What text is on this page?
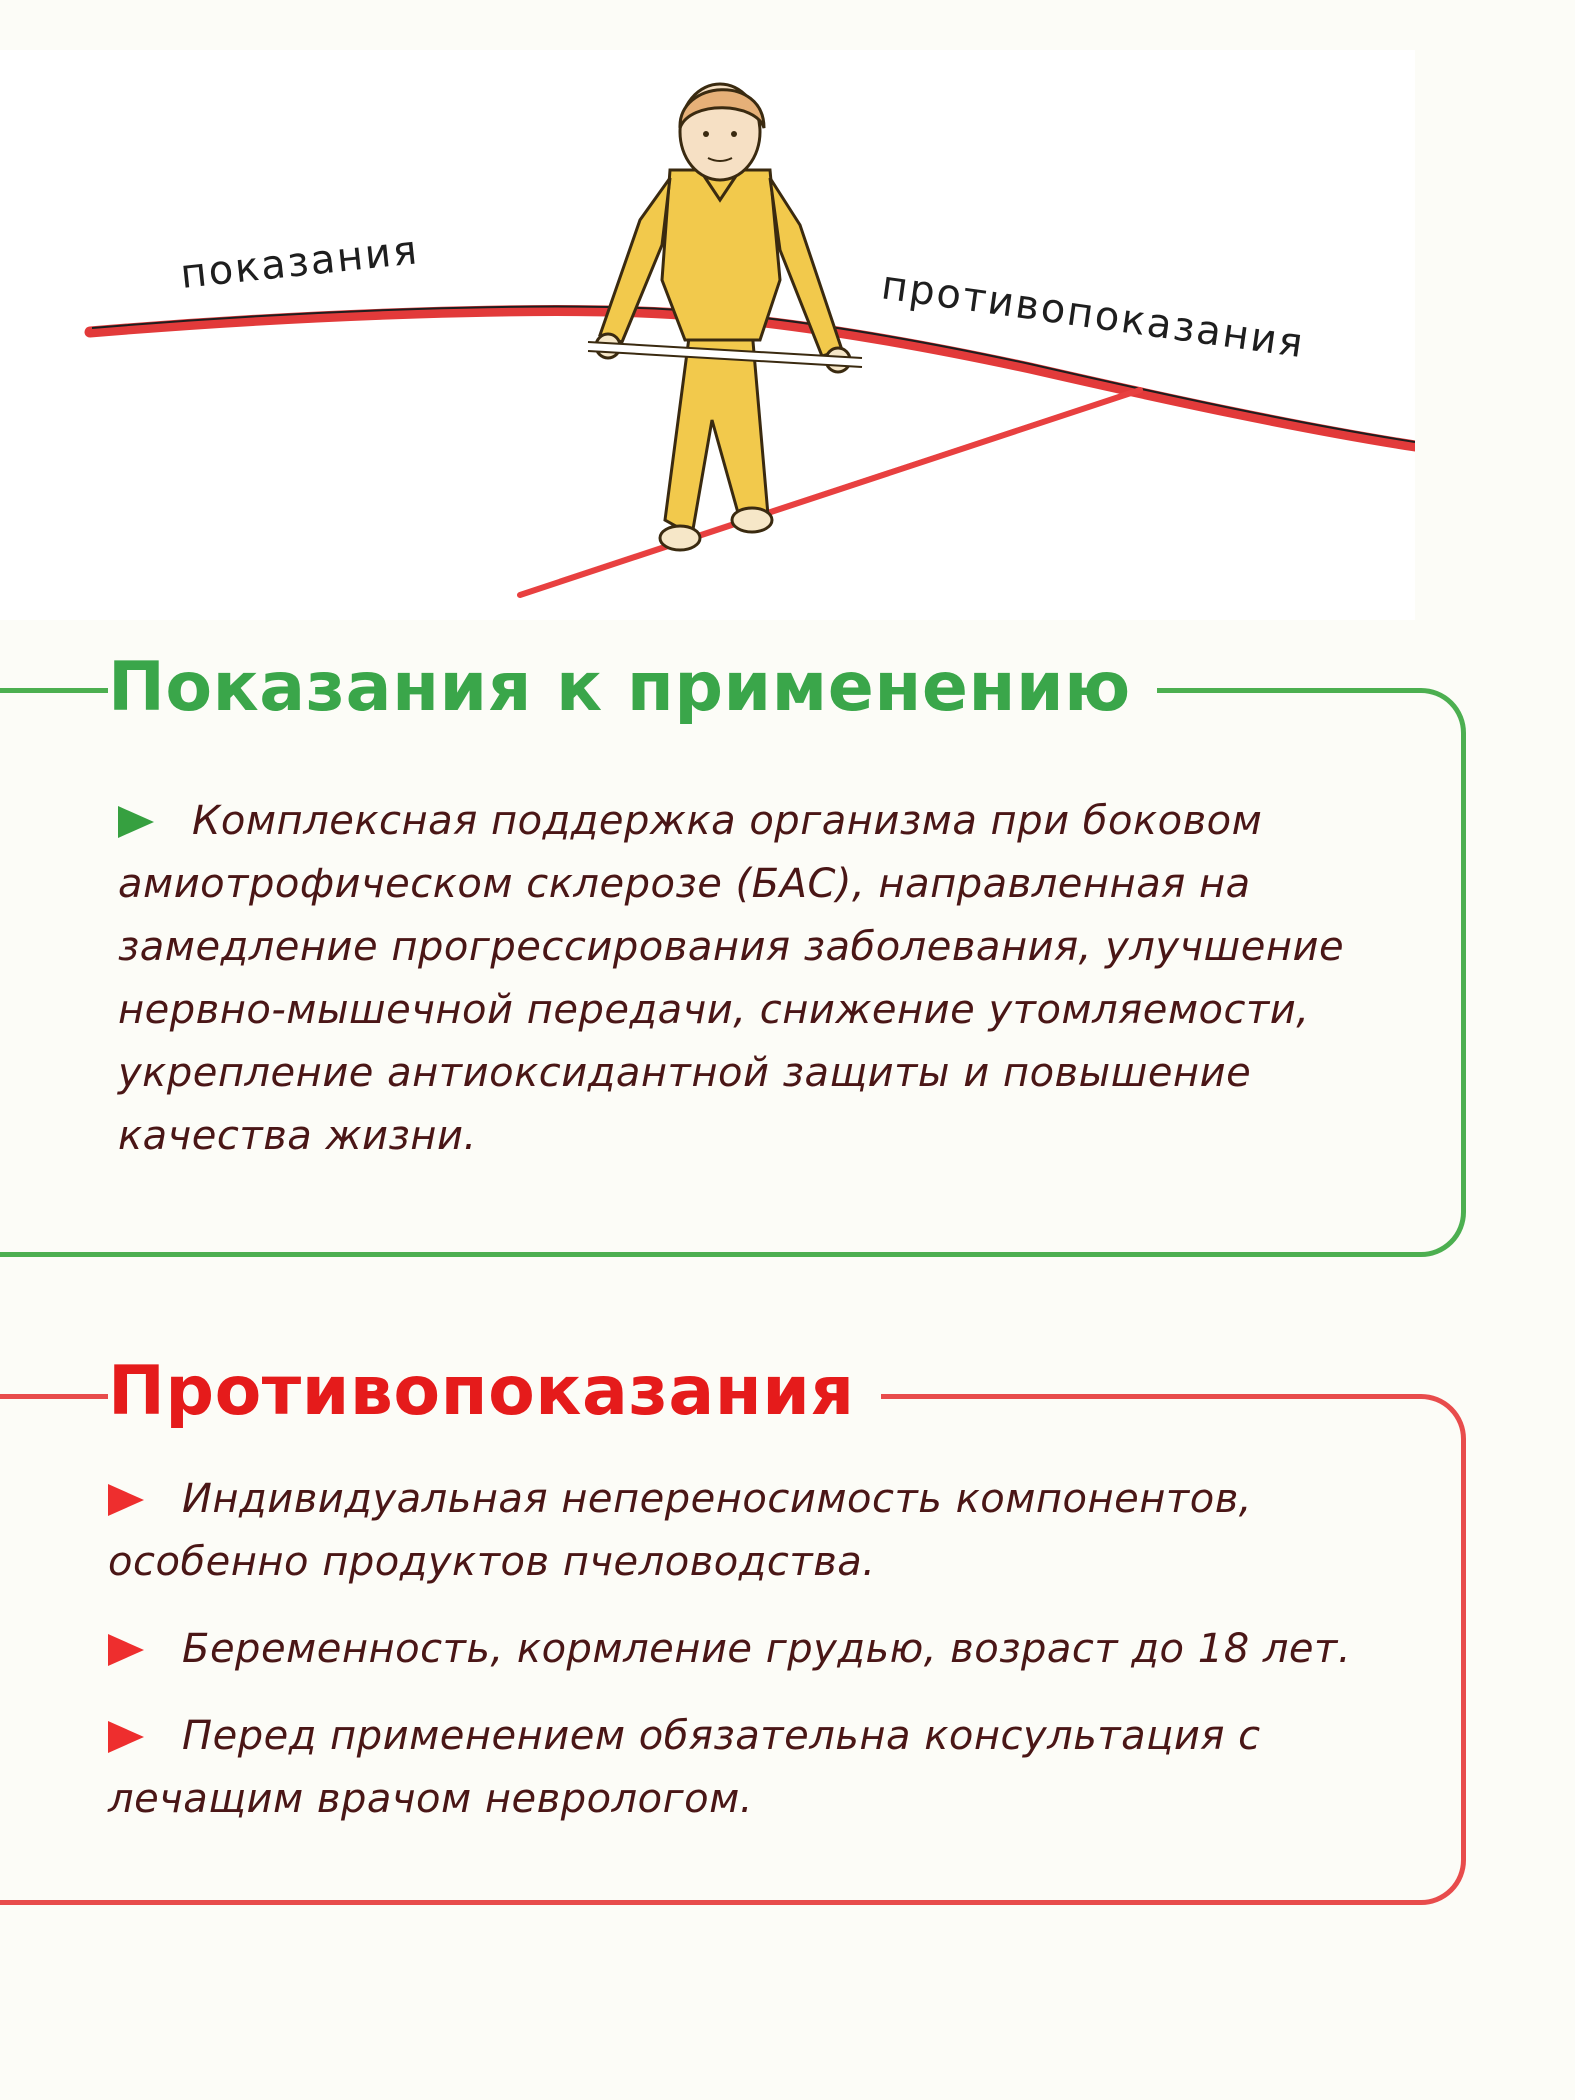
показания	противопоказания
Показания к применению
Комплексная поддержка организма при боковом амиотрофическом склерозе (БАС), направленная на замедление прогрессирования заболевания, улучшение нервно-мышечной передачи, снижение утомляемости, укрепление антиоксидантной защиты и повышение качества жизни.
Противопоказания
Индивидуальная непереносимость компонентов, особенно продуктов пчеловодства.
Беременность, кормление грудью, возраст до 18 лет.
Перед применением обязательна консультация с лечащим врачом неврологом.
